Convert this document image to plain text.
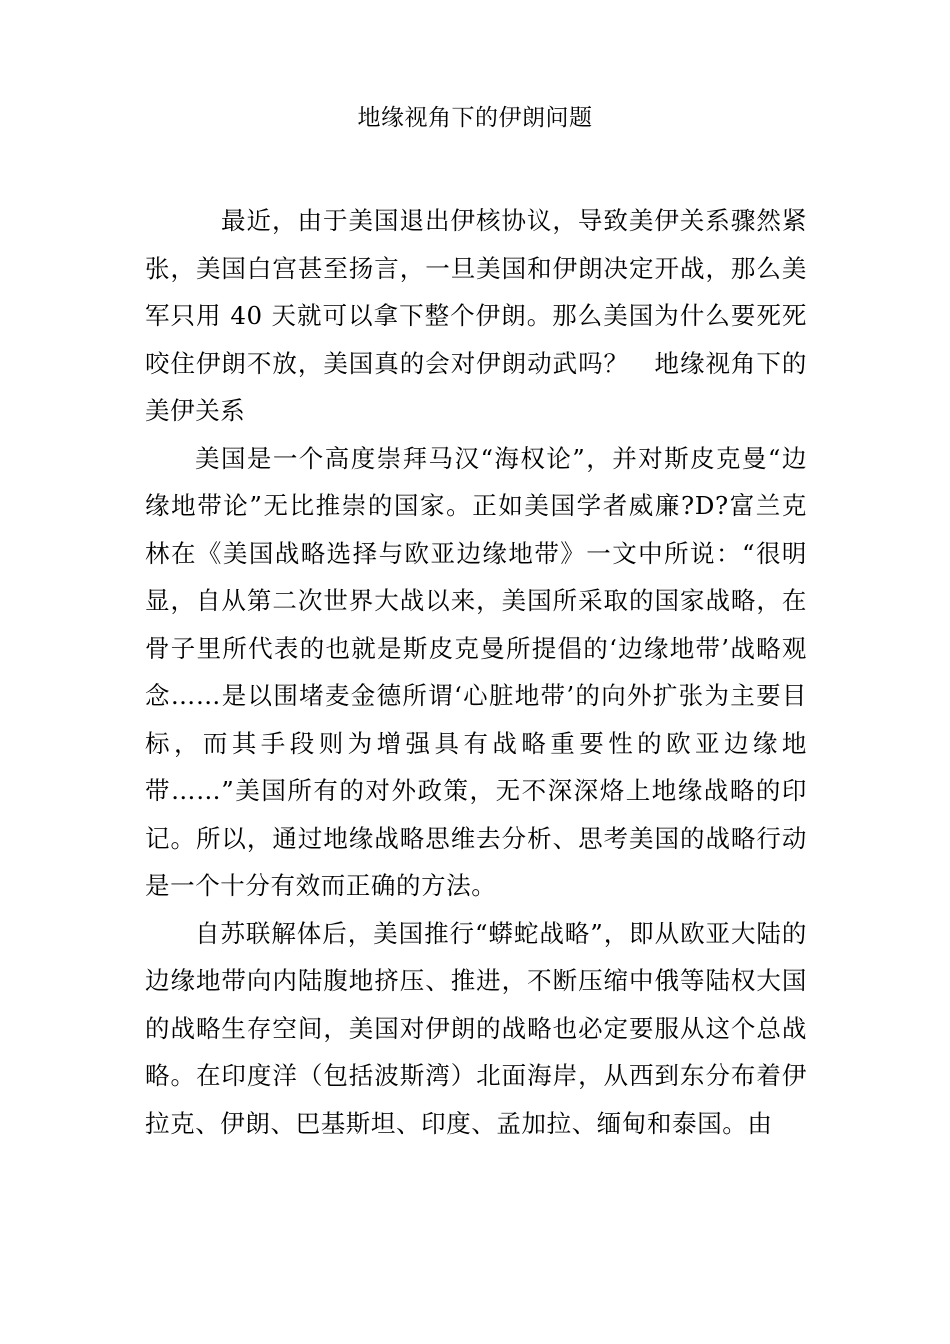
地缘视角下的伊朗问题

最近，由于美国退出伊核协议，导致美伊关系骤然紧张，美国白宫甚至扬言，一旦美国和伊朗决定开战，那么美军只用 40 天就可以拿下整个伊朗。那么美国为什么要死死咬住伊朗不放，美国真的会对伊朗动武吗？　地缘视角下的美伊关系

美国是一个高度崇拜马汉“海权论”，并对斯皮克曼“边缘地带论”无比推崇的国家。正如美国学者威廉?D?富兰克林在《美国战略选择与欧亚边缘地带》一文中所说：“很明显，自从第二次世界大战以来，美国所采取的国家战略，在骨子里所代表的也就是斯皮克曼所提倡的‘边缘地带’战略观念……是以围堵麦金德所谓‘心脏地带’的向外扩张为主要目标，而其手段则为增强具有战略重要性的欧亚边缘地带……”美国所有的对外政策，无不深深烙上地缘战略的印记。所以，通过地缘战略思维去分析、思考美国的战略行动是一个十分有效而正确的方法。

自苏联解体后，美国推行“蟒蛇战略”，即从欧亚大陆的边缘地带向内陆腹地挤压、推进，不断压缩中俄等陆权大国的战略生存空间，美国对伊朗的战略也必定要服从这个总战略。在印度洋（包括波斯湾）北面海岸，从西到东分布着伊拉克、伊朗、巴基斯坦、印度、孟加拉、缅甸和泰国。由
